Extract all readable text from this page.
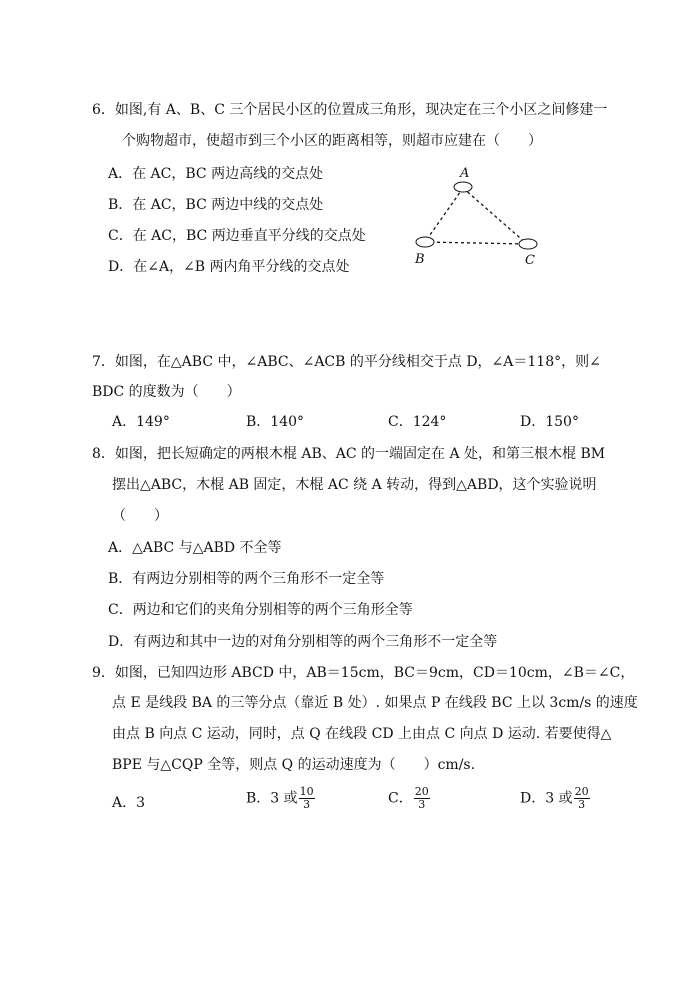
6．如图,有 A、B、C 三个居民小区的位置成三角形，现决定在三个小区之间修建一
个购物超市，使超市到三个小区的距离相等，则超市应建在（　　）
A．在 AC，BC 两边高线的交点处
B．在 AC，BC 两边中线的交点处
C．在 AC，BC 两边垂直平分线的交点处
D．在∠A，∠B 两内角平分线的交点处
A
B	C
7．如图，在△ABC 中，∠ABC、∠ACB 的平分线相交于点 D，∠A＝118°，则∠
BDC 的度数为（　　）
A．149°	B．140°	C．124°	D．150°
8．如图，把长短确定的两根木棍 AB、AC 的一端固定在 A 处，和第三根木棍 BM
摆出△ABC，木棍 AB 固定，木棍 AC 绕 A 转动，得到△ABD，这个实验说明
（　　）
A．△ABC 与△ABD 不全等
B．有两边分别相等的两个三角形不一定全等
C．两边和它们的夹角分别相等的两个三角形全等
D．有两边和其中一边的对角分别相等的两个三角形不一定全等
9．如图，已知四边形 ABCD 中，AB＝15cm，BC＝9cm，CD＝10cm，∠B＝∠C，
点 E 是线段 BA 的三等分点（靠近 B 处）. 如果点 P 在线段 BC 上以 3cm/s 的速度
由点 B 向点 C 运动，同时，点 Q 在线段 CD 上由点 C 向点 D 运动. 若要使得△
BPE 与△CQP 全等，则点 Q 的运动速度为（　　）cm/s.
A．3	B．3 或 $\frac{10}{3}$	C． $\frac{20}{3}$	D．3 或 $\frac{20}{3}$
